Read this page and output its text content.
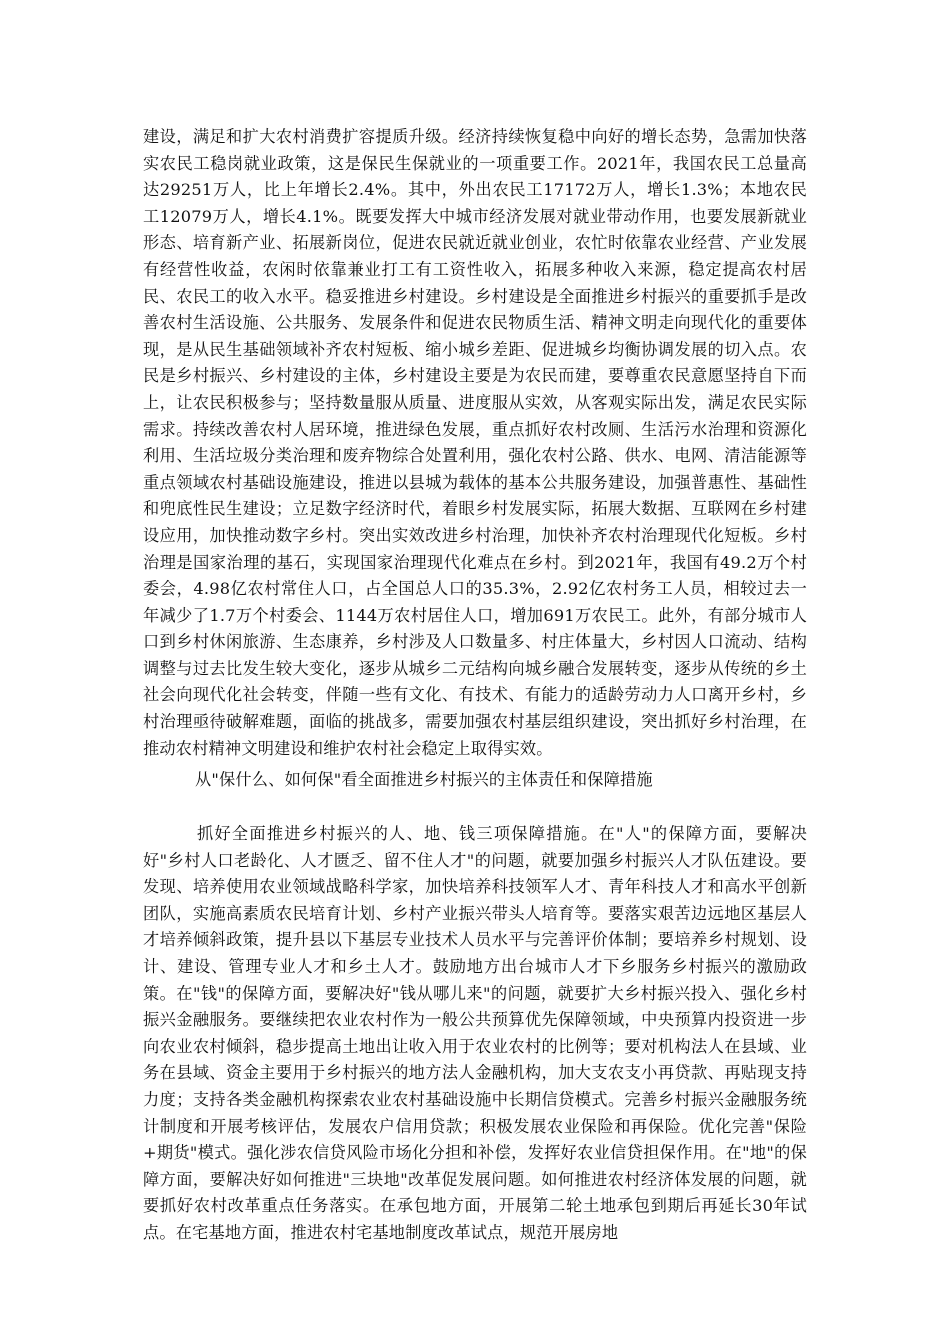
建设，满足和扩大农村消费扩容提质升级。经济持续恢复稳中向好的增长态势，急需加快落实农民工稳岗就业政策，这是保民生保就业的一项重要工作。2021年，我国农民工总量高达29251万人，比上年增长2.4%。其中，外出农民工17172万人，增长1.3%；本地农民工12079万人，增长4.1%。既要发挥大中城市经济发展对就业带动作用，也要发展新就业形态、培育新产业、拓展新岗位，促进农民就近就业创业，农忙时依靠农业经营、产业发展有经营性收益，农闲时依靠兼业打工有工资性收入，拓展多种收入来源，稳定提高农村居民、农民工的收入水平。稳妥推进乡村建设。乡村建设是全面推进乡村振兴的重要抓手是改善农村生活设施、公共服务、发展条件和促进农民物质生活、精神文明走向现代化的重要体现，是从民生基础领域补齐农村短板、缩小城乡差距、促进城乡均衡协调发展的切入点。农民是乡村振兴、乡村建设的主体，乡村建设主要是为农民而建，要尊重农民意愿坚持自下而上，让农民积极参与；坚持数量服从质量、进度服从实效，从客观实际出发，满足农民实际需求。持续改善农村人居环境，推进绿色发展，重点抓好农村改厕、生活污水治理和资源化利用、生活垃圾分类治理和废弃物综合处置利用，强化农村公路、供水、电网、清洁能源等重点领域农村基础设施建设，推进以县城为载体的基本公共服务建设，加强普惠性、基础性和兜底性民生建设；立足数字经济时代，着眼乡村发展实际，拓展大数据、互联网在乡村建设应用，加快推动数字乡村。突出实效改进乡村治理，加快补齐农村治理现代化短板。乡村治理是国家治理的基石，实现国家治理现代化难点在乡村。到2021年，我国有49.2万个村委会，4.98亿农村常住人口，占全国总人口的35.3%，2.92亿农村务工人员，相较过去一年减少了1.7万个村委会、1144万农村居住人口，增加691万农民工。此外，有部分城市人口到乡村休闲旅游、生态康养，乡村涉及人口数量多、村庄体量大，乡村因人口流动、结构调整与过去比发生较大变化，逐步从城乡二元结构向城乡融合发展转变，逐步从传统的乡土社会向现代化社会转变，伴随一些有文化、有技术、有能力的适龄劳动力人口离开乡村，乡村治理亟待破解难题，面临的挑战多，需要加强农村基层组织建设，突出抓好乡村治理，在推动农村精神文明建设和维护农村社会稳定上取得实效。
从"保什么、如何保"看全面推进乡村振兴的主体责任和保障措施
抓好全面推进乡村振兴的人、地、钱三项保障措施。在"人"的保障方面，要解决好"乡村人口老龄化、人才匮乏、留不住人才"的问题，就要加强乡村振兴人才队伍建设。要发现、培养使用农业领域战略科学家，加快培养科技领军人才、青年科技人才和高水平创新团队，实施高素质农民培育计划、乡村产业振兴带头人培育等。要落实艰苦边远地区基层人才培养倾斜政策，提升县以下基层专业技术人员水平与完善评价体制；要培养乡村规划、设计、建设、管理专业人才和乡土人才。鼓励地方出台城市人才下乡服务乡村振兴的激励政策。在"钱"的保障方面，要解决好"钱从哪儿来"的问题，就要扩大乡村振兴投入、强化乡村振兴金融服务。要继续把农业农村作为一般公共预算优先保障领域，中央预算内投资进一步向农业农村倾斜，稳步提高土地出让收入用于农业农村的比例等；要对机构法人在县域、业务在县域、资金主要用于乡村振兴的地方法人金融机构，加大支农支小再贷款、再贴现支持力度；支持各类金融机构探索农业农村基础设施中长期信贷模式。完善乡村振兴金融服务统计制度和开展考核评估，发展农户信用贷款；积极发展农业保险和再保险。优化完善"保险+期货"模式。强化涉农信贷风险市场化分担和补偿，发挥好农业信贷担保作用。在"地"的保障方面，要解决好如何推进"三块地"改革促发展问题。如何推进农村经济体发展的问题，就要抓好农村改革重点任务落实。在承包地方面，开展第二轮土地承包到期后再延长30年试点。在宅基地方面，推进农村宅基地制度改革试点，规范开展房地
